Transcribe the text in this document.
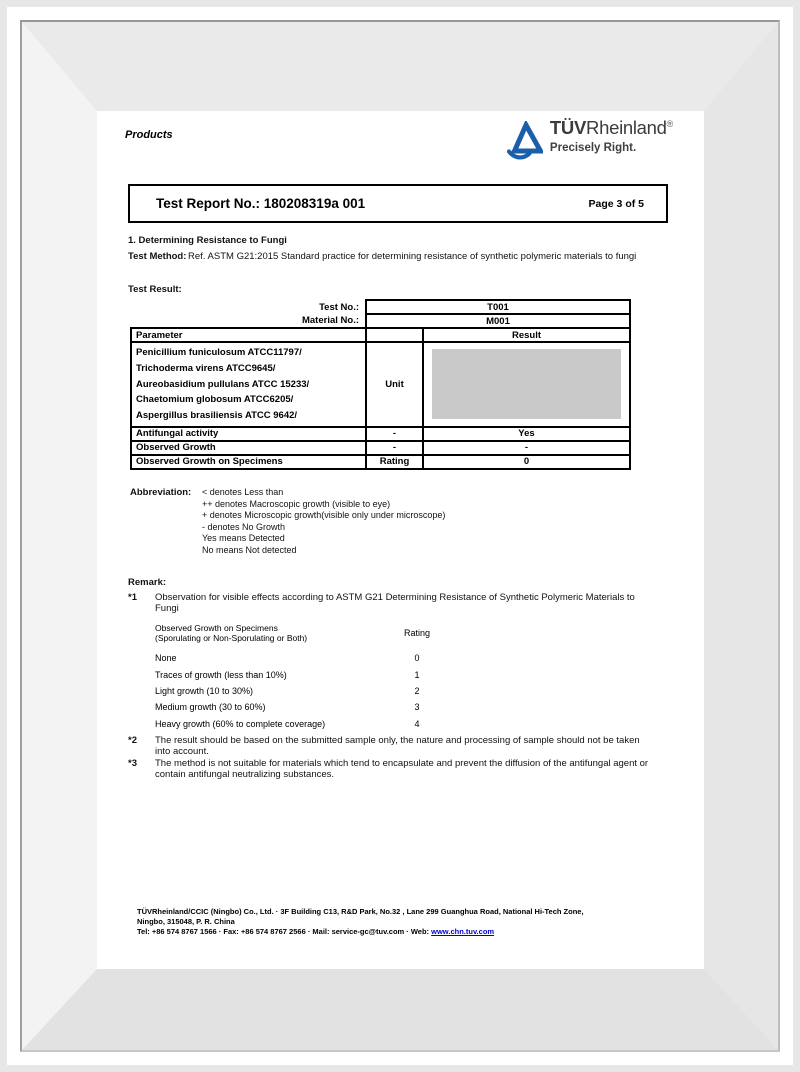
Products	TÜVRheinland®
Precisely Right.
Test Report No.: 180208319a 001	Page 3 of 5
1. Determining Resistance to Fungi
Test Method: Ref. ASTM G21:2015 Standard practice for determining resistance of synthetic polymeric materials to fungi
Test Result:
Test No.:	T001	
Material No.:	M001	
Parameter		Result

Penicillium funiculosum ATCC11797/
Trichoderma virens ATCC9645/
Aureobasidium pullulans ATCC 15233/
Chaetomium globosum ATCC6205/
Aspergillus brasiliensis ATCC 9642/	Unit	

Antifungal activity	-	Yes
Observed Growth	-	-
Observed Growth on Specimens	Rating	0
Abbreviation:	< denotes Less than
++ denotes Macroscopic growth (visible to eye)
+ denotes Microscopic growth(visible only under microscope)
- denotes No Growth
Yes means Detected
No means Not detected
Remark:
*1	Observation for visible effects according to ASTM G21 Determining Resistance of Synthetic Polymeric Materials to Fungi
Observed Growth on Specimens
(Sporulating or Non-Sporulating or Both)	Rating
None	0
Traces of growth (less than 10%)	1
Light growth (10 to 30%)	2
Medium growth (30 to 60%)	3
Heavy growth (60% to complete coverage)	4
*2	The result should be based on the submitted sample only, the nature and processing of sample should not be taken into account.
*3	The method is not suitable for materials which tend to encapsulate and prevent the diffusion of the antifungal agent or contain antifungal neutralizing substances.
TÜVRheinland/CCIC (Ningbo) Co., Ltd. · 3F Building C13, R&D Park, No.32 , Lane 299 Guanghua Road, National Hi-Tech Zone,
Ningbo, 315048, P. R. China
Tel: +86 574 8767 1566 · Fax: +86 574 8767 2566 · Mail: service-gc@tuv.com · Web: www.chn.tuv.com
